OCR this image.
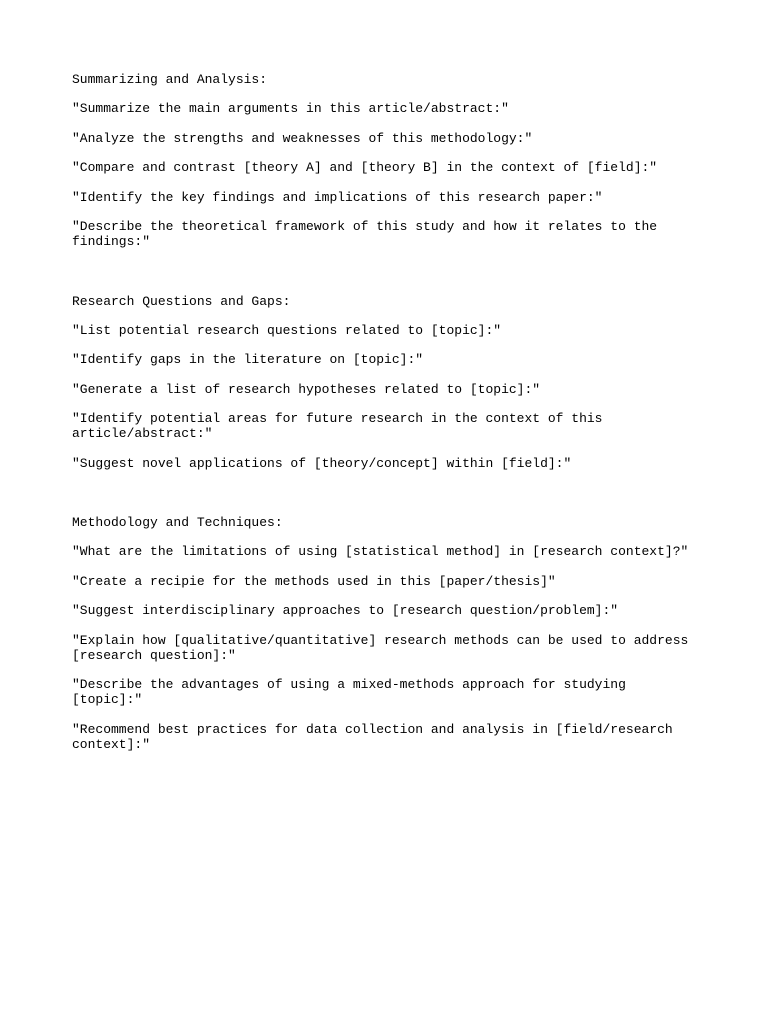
Summarizing and Analysis:
"Summarize the main arguments in this article/abstract:"
"Analyze the strengths and weaknesses of this methodology:"
"Compare and contrast [theory A] and [theory B] in the context of [field]:"
"Identify the key findings and implications of this research paper:"
"Describe the theoretical framework of this study and how it relates to the
findings:"
Research Questions and Gaps:
"List potential research questions related to [topic]:"
"Identify gaps in the literature on [topic]:"
"Generate a list of research hypotheses related to [topic]:"
"Identify potential areas for future research in the context of this
article/abstract:"
"Suggest novel applications of [theory/concept] within [field]:"
Methodology and Techniques:
"What are the limitations of using [statistical method] in [research context]?"
"Create a recipie for the methods used in this [paper/thesis]"
"Suggest interdisciplinary approaches to [research question/problem]:"
"Explain how [qualitative/quantitative] research methods can be used to address
[research question]:"
"Describe the advantages of using a mixed-methods approach for studying [topic]:"
"Recommend best practices for data collection and analysis in [field/research
context]:"
